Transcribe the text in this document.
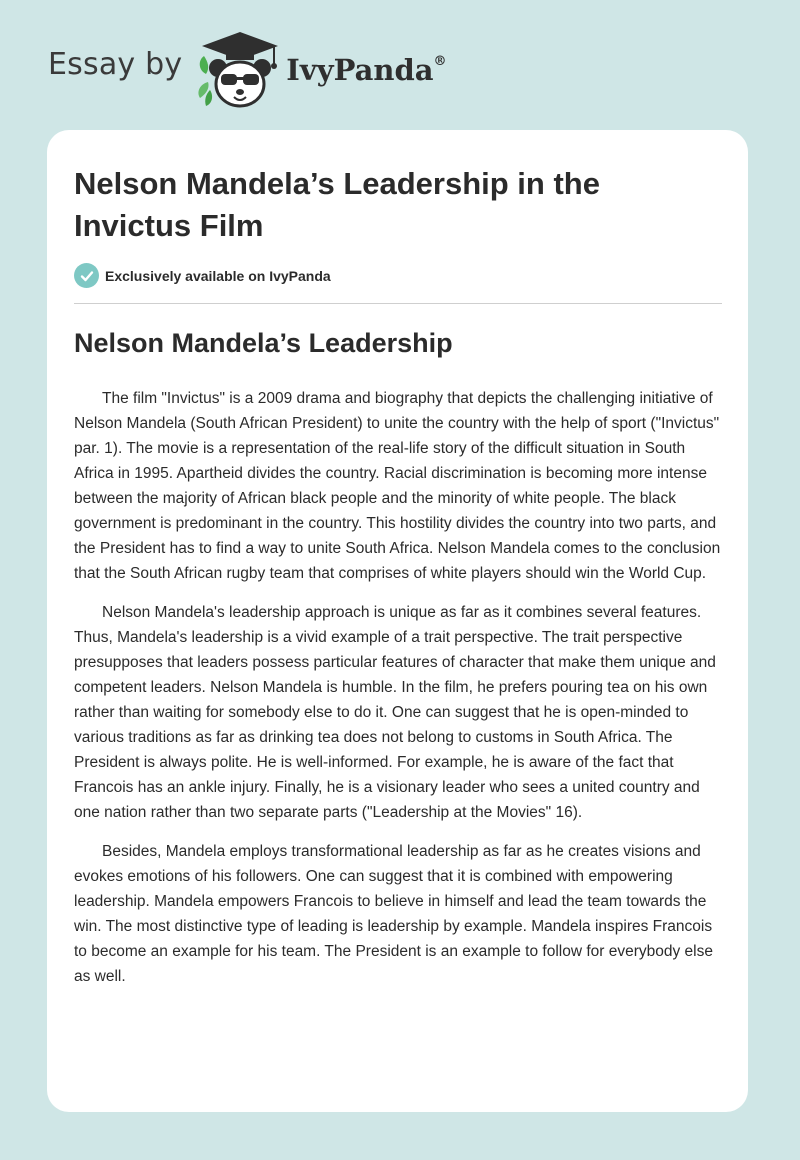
Essay by	IvyPanda®
Nelson Mandela’s Leadership in the Invictus Film
Exclusively available on IvyPanda
Nelson Mandela’s Leadership

The film "Invictus" is a 2009 drama and biography that depicts the challenging initiative of Nelson Mandela (South African President) to unite the country with the help of sport ("Invictus" par. 1). The movie is a representation of the real-life story of the difficult situation in South Africa in 1995. Apartheid divides the country. Racial discrimination is becoming more intense between the majority of African black people and the minority of white people. The black government is predominant in the country. This hostility divides the country into two parts, and the President has to find a way to unite South Africa. Nelson Mandela comes to the conclusion that the South African rugby team that comprises of white players should win the World Cup.

Nelson Mandela's leadership approach is unique as far as it combines several features. Thus, Mandela's leadership is a vivid example of a trait perspective. The trait perspective presupposes that leaders possess particular features of character that make them unique and competent leaders. Nelson Mandela is humble. In the film, he prefers pouring tea on his own rather than waiting for somebody else to do it. One can suggest that he is open-minded to various traditions as far as drinking tea does not belong to customs in South Africa. The President is always polite. He is well-informed. For example, he is aware of the fact that Francois has an ankle injury. Finally, he is a visionary leader who sees a united country and one nation rather than two separate parts ("Leadership at the Movies" 16).

Besides, Mandela employs transformational leadership as far as he creates visions and evokes emotions of his followers. One can suggest that it is combined with empowering leadership. Mandela empowers Francois to believe in himself and lead the team towards the win. The most distinctive type of leading is leadership by example. Mandela inspires Francois to become an example for his team. The President is an example to follow for everybody else as well.
